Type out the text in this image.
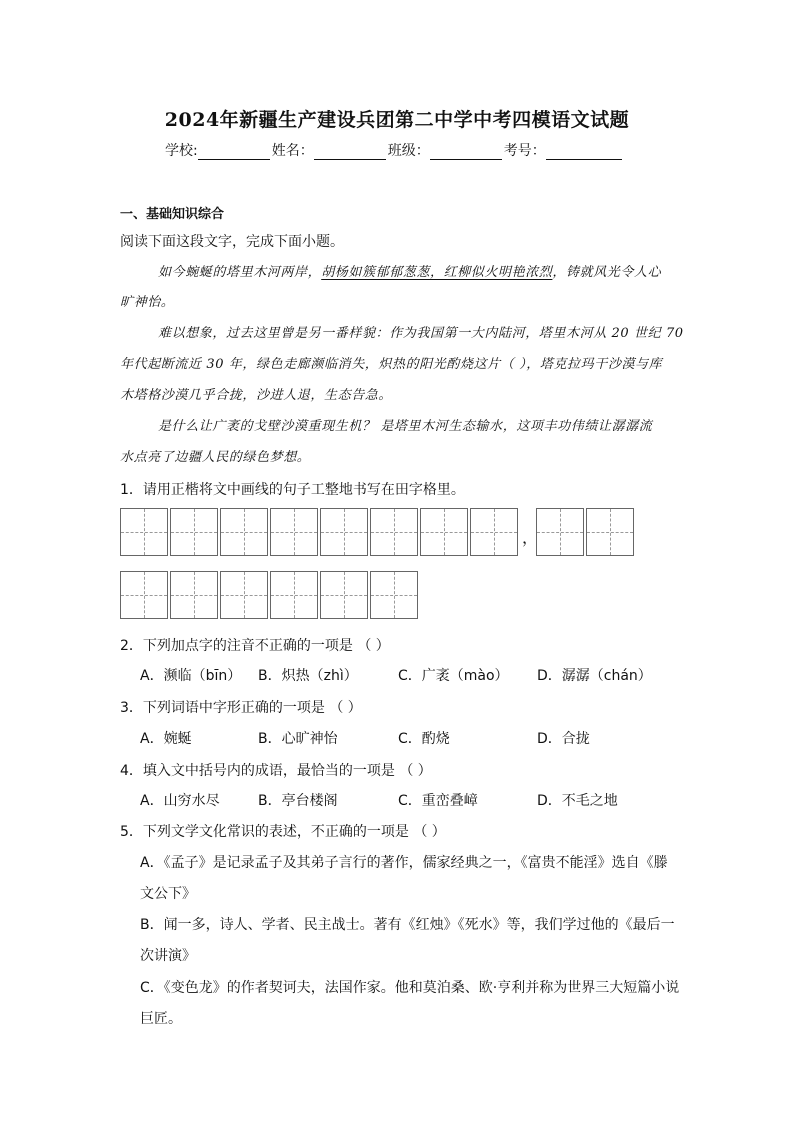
2024年新疆生产建设兵团第二中学中考四模语文试题
学校:	姓名：	班级：	考号：
一、基础知识综合
阅读下面这段文字，完成下面小题。
如今蜿蜒的塔里木河两岸，胡杨如簇郁郁葱葱，红柳似火明艳浓烈，铸就风光令人心
旷神怡。
难以想象，过去这里曾是另一番样貌：作为我国第一大内陆河，塔里木河从 20 世纪 70
年代起断流近 30 年，绿色走廊濒临消失，炽热的阳光酌烧这片（ ），塔克拉玛干沙漠与库
木塔格沙漠几乎合拢，沙进人退，生态告急。
是什么让广袤的戈壁沙漠重现生机？ 是塔里木河生态输水，这项丰功伟绩让潺潺流
水点亮了边疆人民的绿色梦想。
1．请用正楷将文中画线的句子工整地书写在田字格里。
，
2．下列加点字的注音不正确的一项是 （ ）
A．濒临（bīn） B．炽热（zhì）	C．广袤（mào） D．潺潺（chán）
3．下列词语中字形正确的一项是 （ ）
A．婉蜒	B．心旷神怡	C．酌烧	D．合拢
4．填入文中括号内的成语，最恰当的一项是 （ ）
A．山穷水尽	B．亭台楼阁	C．重峦叠嶂	D．不毛之地
5．下列文学文化常识的表述，不正确的一项是 （ ）
A．《孟子》是记录孟子及其弟子言行的著作，儒家经典之一，《富贵不能淫》选自《滕
文公下》
B．闻一多，诗人、学者、民主战士。著有《红烛》《死水》等，我们学过他的《最后一
次讲演》
C．《变色龙》的作者契诃夫，法国作家。他和莫泊桑、欧·亨利并称为世界三大短篇小说
巨匠。
